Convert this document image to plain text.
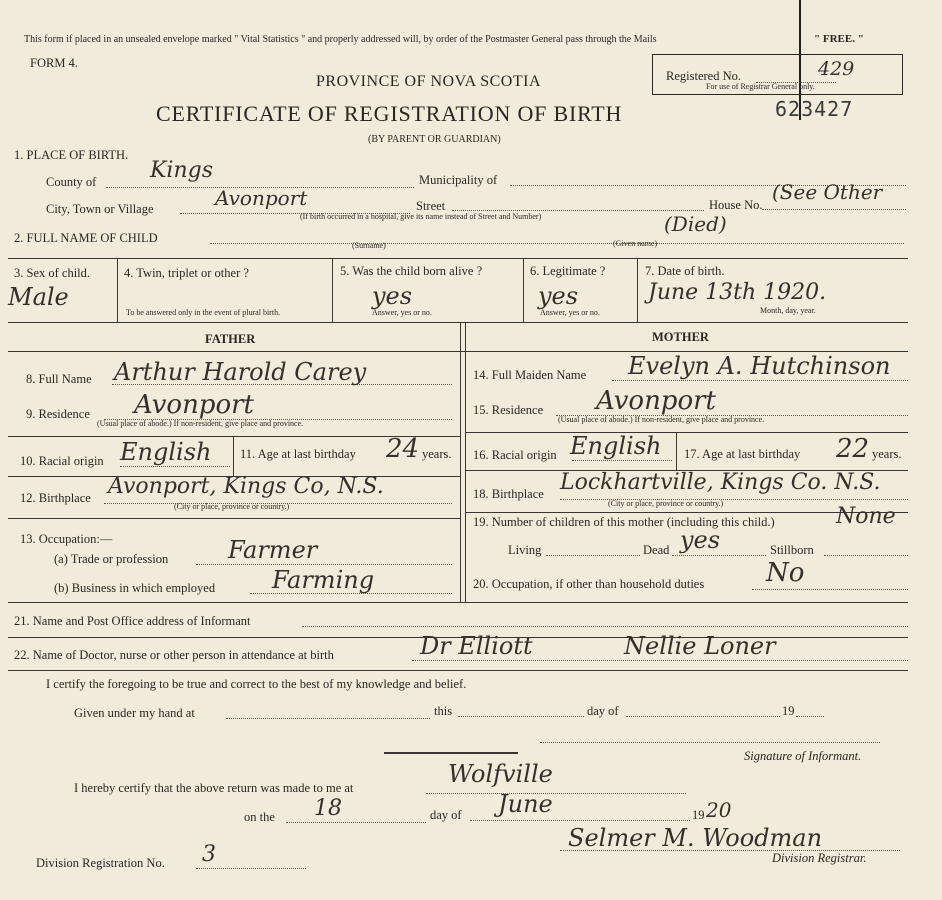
This form if placed in an unsealed envelope marked " Vital Statistics " and properly addressed will, by order of the Postmaster General pass through the Mails	" FREE. "
FORM 4.
PROVINCE OF NOVA SCOTIA
CERTIFICATE OF REGISTRATION OF BIRTH
(BY PARENT OR GUARDIAN)
Registered No.	429
For use of Registrar General only.
623427
1. PLACE OF BIRTH.
County of Kings	Municipality of
City, Town or Village	Avonport	Street	House No.
(See Other
(If birth occurred in a hospital, give its name instead of Street and Number)
2. FULL NAME OF CHILD
(Died)
(Surname)	(Given name)
3. Sex of child.
Male
4. Twin, triplet or other ?
To be answered only in the event of plural birth.
5. Was the child born alive ?
yes
Answer, yes or no.
6. Legitimate ?
yes
Answer, yes or no.
7. Date of birth.
June 13th 1920.
Month, day, year.
FATHER	MOTHER
8. Full Name Arthur Harold Carey
9. Residence Avonport
(Usual place of abode.) If non-resident, give place and province.
10. Racial origin English 11. Age at last birthday 24 years.
12. Birthplace Avonport, Kings Co, N.S.
(City or place, province or country.)
13. Occupation:—
(a) Trade or profession Farmer
(b) Business in which employed Farming
14. Full Maiden Name Evelyn A. Hutchinson
15. Residence Avonport
(Usual place of abode.) If non-resident, give place and province.
16. Racial origin English 17. Age at last birthday 22 years.
18. Birthplace Lockhartville, Kings Co. N.S.
(City or place, province or country.)
19. Number of children of this mother (including this child.)	None
Living	Dead yes	Stillborn
20. Occupation, if other than household duties No
21. Name and Post Office address of Informant
22. Name of Doctor, nurse or other person in attendance at birth	Dr Elliott	Nellie Loner
I certify the foregoing to be true and correct to the best of my knowledge and belief.
Given under my hand at	this	day of	19
Signature of Informant.
I hereby certify that the above return was made to me at	Wolfville
on the 18	day of June	19 20
Division Registration No. 3
Selmer M. Woodman
Division Registrar.
